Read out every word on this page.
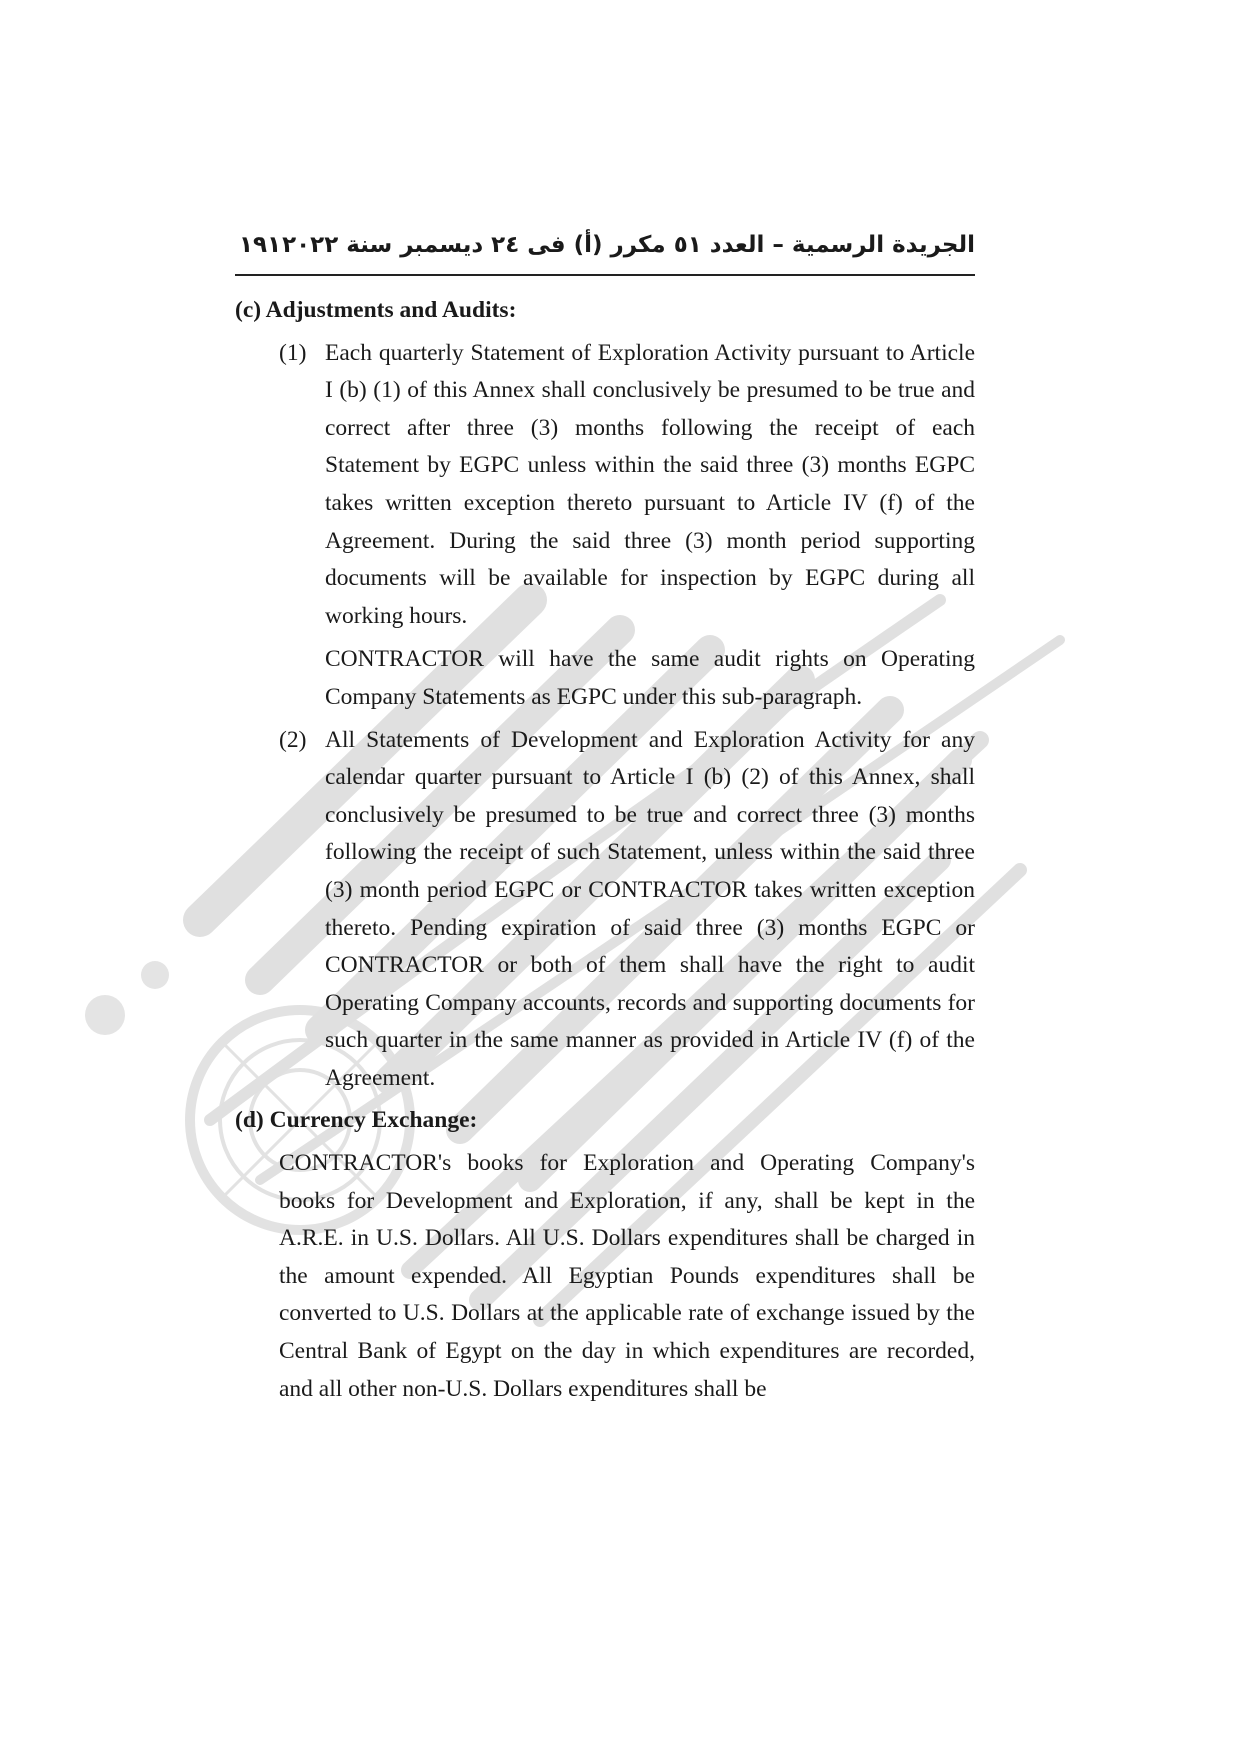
١٩١ الجريدة الرسمية – العدد ٥١ مكرر (أ) فى ٢٤ ديسمبر سنة ٢٠٢٢
(c) Adjustments and Audits:
(1) Each quarterly Statement of Exploration Activity pursuant to Article I (b) (1) of this Annex shall conclusively be presumed to be true and correct after three (3) months following the receipt of each Statement by EGPC unless within the said three (3) months EGPC takes written exception thereto pursuant to Article IV (f) of the Agreement. During the said three (3) month period supporting documents will be available for inspection by EGPC during all working hours.

CONTRACTOR will have the same audit rights on Operating Company Statements as EGPC under this sub-paragraph.

(2) All Statements of Development and Exploration Activity for any calendar quarter pursuant to Article I (b) (2) of this Annex, shall conclusively be presumed to be true and correct three (3) months following the receipt of such Statement, unless within the said three (3) month period EGPC or CONTRACTOR takes written exception thereto. Pending expiration of said three (3) months EGPC or CONTRACTOR or both of them shall have the right to audit Operating Company accounts, records and supporting documents for such quarter in the same manner as provided in Article IV (f) of the Agreement.

(d) Currency Exchange:

CONTRACTOR's books for Exploration and Operating Company's books for Development and Exploration, if any, shall be kept in the A.R.E. in U.S. Dollars. All U.S. Dollars expenditures shall be charged in the amount expended. All Egyptian Pounds expenditures shall be converted to U.S. Dollars at the applicable rate of exchange issued by the Central Bank of Egypt on the day in which expenditures are recorded, and all other non-U.S. Dollars expenditures shall be
